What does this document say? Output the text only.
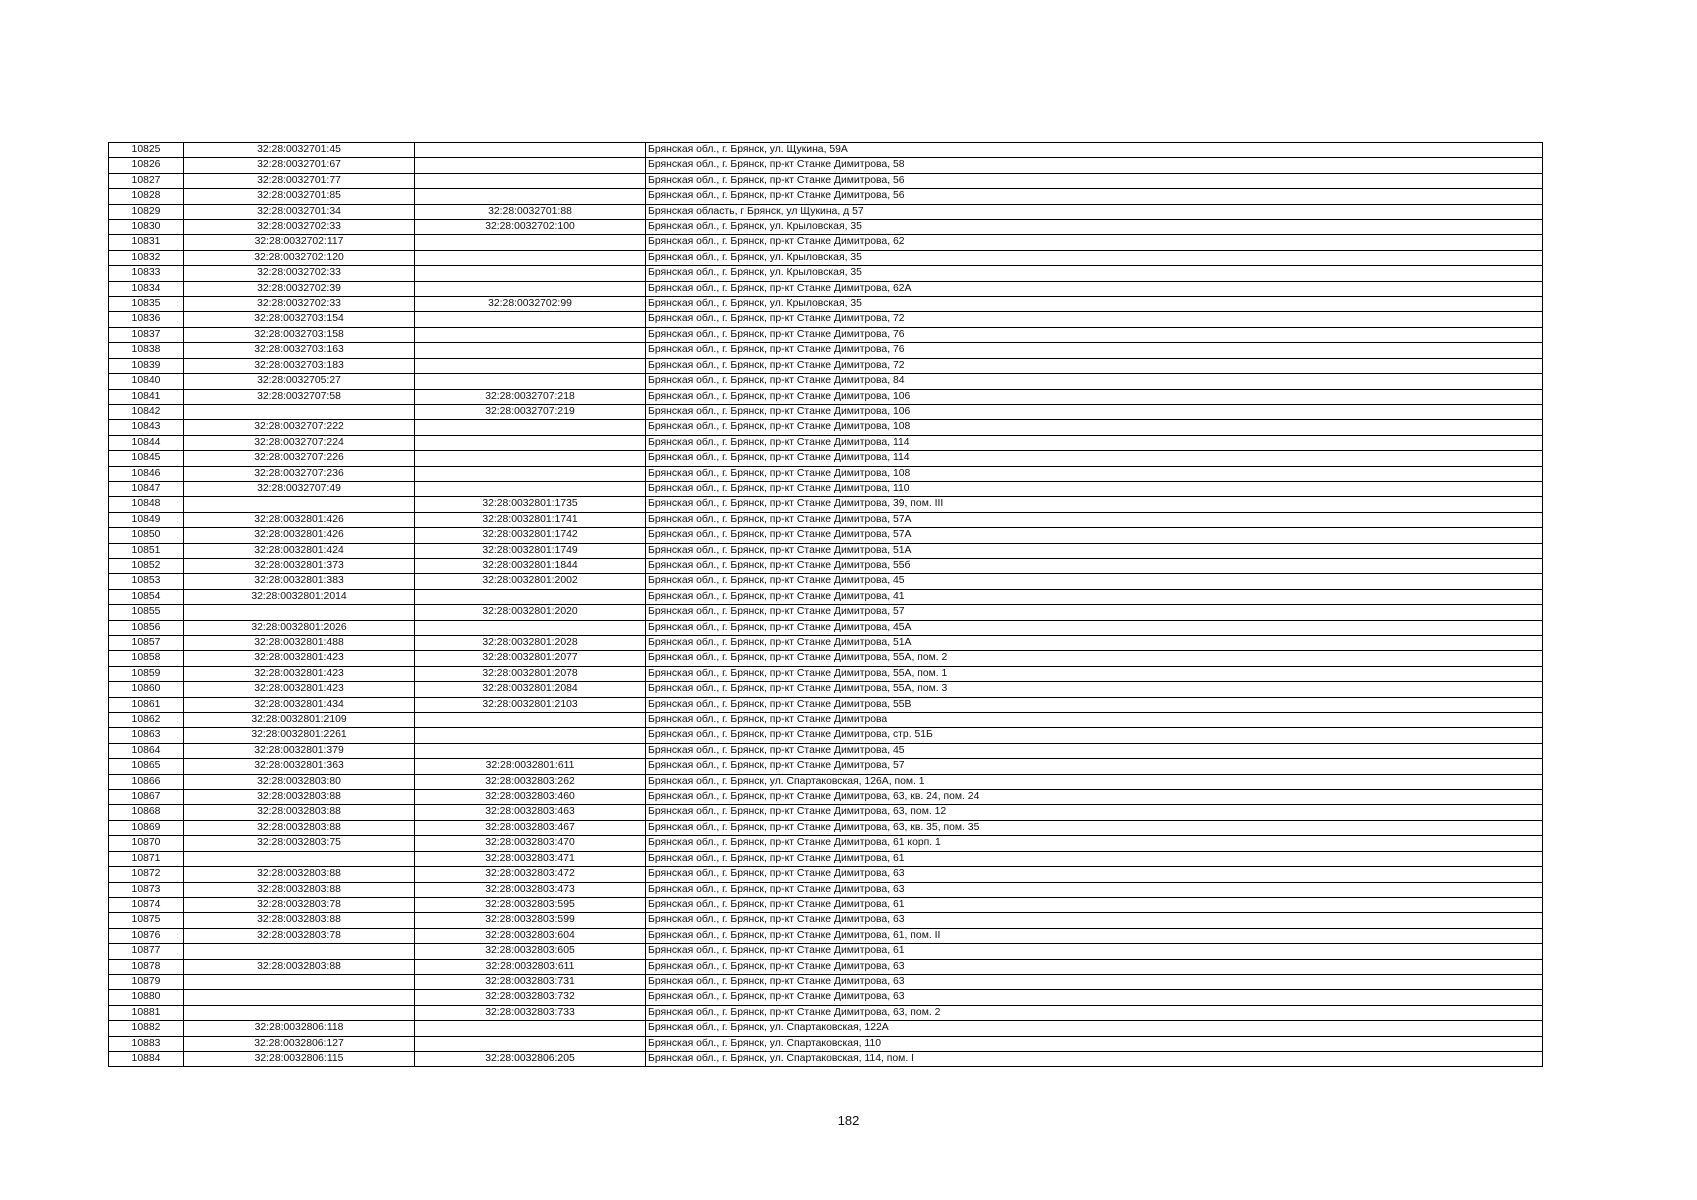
10825	32:28:0032701:45		Брянская обл., г. Брянск, ул. Щукина, 59А
10826	32:28:0032701:67		Брянская обл., г. Брянск, пр-кт Станке Димитрова, 58
10827	32:28:0032701:77		Брянская обл., г. Брянск, пр-кт Станке Димитрова, 56
10828	32:28:0032701:85		Брянская обл., г. Брянск, пр-кт Станке Димитрова, 56
10829	32:28:0032701:34	32:28:0032701:88	Брянская область, г Брянск, ул Щукина, д 57
10830	32:28:0032702:33	32:28:0032702:100	Брянская обл., г. Брянск, ул. Крыловская, 35
10831	32:28:0032702:117		Брянская обл., г. Брянск, пр-кт Станке Димитрова, 62
10832	32:28:0032702:120		Брянская обл., г. Брянск, ул. Крыловская, 35
10833	32:28:0032702:33		Брянская обл., г. Брянск, ул. Крыловская, 35
10834	32:28:0032702:39		Брянская обл., г. Брянск, пр-кт Станке Димитрова, 62А
10835	32:28:0032702:33	32:28:0032702:99	Брянская обл., г. Брянск, ул. Крыловская, 35
10836	32:28:0032703:154		Брянская обл., г. Брянск, пр-кт Станке Димитрова, 72
10837	32:28:0032703:158		Брянская обл., г. Брянск, пр-кт Станке Димитрова, 76
10838	32:28:0032703:163		Брянская обл., г. Брянск, пр-кт Станке Димитрова, 76
10839	32:28:0032703:183		Брянская обл., г. Брянск, пр-кт Станке Димитрова, 72
10840	32:28:0032705:27		Брянская обл., г. Брянск, пр-кт Станке Димитрова, 84
10841	32:28:0032707:58	32:28:0032707:218	Брянская обл., г. Брянск, пр-кт Станке Димитрова, 106
10842		32:28:0032707:219	Брянская обл., г. Брянск, пр-кт Станке Димитрова, 106
10843	32:28:0032707:222		Брянская обл., г. Брянск, пр-кт Станке Димитрова, 108
10844	32:28:0032707:224		Брянская обл., г. Брянск, пр-кт Станке Димитрова, 114
10845	32:28:0032707:226		Брянская обл., г. Брянск, пр-кт Станке Димитрова, 114
10846	32:28:0032707:236		Брянская обл., г. Брянск, пр-кт Станке Димитрова, 108
10847	32:28:0032707:49		Брянская обл., г. Брянск, пр-кт Станке Димитрова, 110
10848		32:28:0032801:1735	Брянская обл., г. Брянск, пр-кт Станке Димитрова, 39, пом. III
10849	32:28:0032801:426	32:28:0032801:1741	Брянская обл., г. Брянск, пр-кт Станке Димитрова, 57А
10850	32:28:0032801:426	32:28:0032801:1742	Брянская обл., г. Брянск, пр-кт Станке Димитрова, 57А
10851	32:28:0032801:424	32:28:0032801:1749	Брянская обл., г. Брянск, пр-кт Станке Димитрова, 51А
10852	32:28:0032801:373	32:28:0032801:1844	Брянская обл., г. Брянск, пр-кт Станке Димитрова, 55б
10853	32:28:0032801:383	32:28:0032801:2002	Брянская обл., г. Брянск, пр-кт Станке Димитрова, 45
10854	32:28:0032801:2014		Брянская обл., г. Брянск, пр-кт Станке Димитрова, 41
10855		32:28:0032801:2020	Брянская обл., г. Брянск, пр-кт Станке Димитрова, 57
10856	32:28:0032801:2026		Брянская обл., г. Брянск, пр-кт Станке Димитрова, 45А
10857	32:28:0032801:488	32:28:0032801:2028	Брянская обл., г. Брянск, пр-кт Станке Димитрова, 51А
10858	32:28:0032801:423	32:28:0032801:2077	Брянская обл., г. Брянск, пр-кт Станке Димитрова, 55А, пом. 2
10859	32:28:0032801:423	32:28:0032801:2078	Брянская обл., г. Брянск, пр-кт Станке Димитрова, 55А, пом. 1
10860	32:28:0032801:423	32:28:0032801:2084	Брянская обл., г. Брянск, пр-кт Станке Димитрова, 55А, пом. 3
10861	32:28:0032801:434	32:28:0032801:2103	Брянская обл., г. Брянск, пр-кт Станке Димитрова, 55В
10862	32:28:0032801:2109		Брянская обл., г. Брянск, пр-кт Станке Димитрова
10863	32:28:0032801:2261		Брянская обл., г. Брянск, пр-кт Станке Димитрова, стр. 51Б
10864	32:28:0032801:379		Брянская обл., г. Брянск, пр-кт Станке Димитрова, 45
10865	32:28:0032801:363	32:28:0032801:611	Брянская обл., г. Брянск, пр-кт Станке Димитрова, 57
10866	32:28:0032803:80	32:28:0032803:262	Брянская обл., г. Брянск, ул. Спартаковская, 126А, пом. 1
10867	32:28:0032803:88	32:28:0032803:460	Брянская обл., г. Брянск, пр-кт Станке Димитрова, 63, кв. 24, пом. 24
10868	32:28:0032803:88	32:28:0032803:463	Брянская обл., г. Брянск, пр-кт Станке Димитрова, 63, пом. 12
10869	32:28:0032803:88	32:28:0032803:467	Брянская обл., г. Брянск, пр-кт Станке Димитрова, 63, кв. 35, пом. 35
10870	32:28:0032803:75	32:28:0032803:470	Брянская обл., г. Брянск, пр-кт Станке Димитрова, 61 корп. 1
10871		32:28:0032803:471	Брянская обл., г. Брянск, пр-кт Станке Димитрова, 61
10872	32:28:0032803:88	32:28:0032803:472	Брянская обл., г. Брянск, пр-кт Станке Димитрова, 63
10873	32:28:0032803:88	32:28:0032803:473	Брянская обл., г. Брянск, пр-кт Станке Димитрова, 63
10874	32:28:0032803:78	32:28:0032803:595	Брянская обл., г. Брянск, пр-кт Станке Димитрова, 61
10875	32:28:0032803:88	32:28:0032803:599	Брянская обл., г. Брянск, пр-кт Станке Димитрова, 63
10876	32:28:0032803:78	32:28:0032803:604	Брянская обл., г. Брянск, пр-кт Станке Димитрова, 61, пом. II
10877		32:28:0032803:605	Брянская обл., г. Брянск, пр-кт Станке Димитрова, 61
10878	32:28:0032803:88	32:28:0032803:611	Брянская обл., г. Брянск, пр-кт Станке Димитрова, 63
10879		32:28:0032803:731	Брянская обл., г. Брянск, пр-кт Станке Димитрова, 63
10880		32:28:0032803:732	Брянская обл., г. Брянск, пр-кт Станке Димитрова, 63
10881		32:28:0032803:733	Брянская обл., г. Брянск, пр-кт Станке Димитрова, 63, пом. 2
10882	32:28:0032806:118		Брянская обл., г. Брянск, ул. Спартаковская, 122А
10883	32:28:0032806:127		Брянская обл., г. Брянск, ул. Спартаковская, 110
10884	32:28:0032806:115	32:28:0032806:205	Брянская обл., г. Брянск, ул. Спартаковская, 114, пом. I
182
